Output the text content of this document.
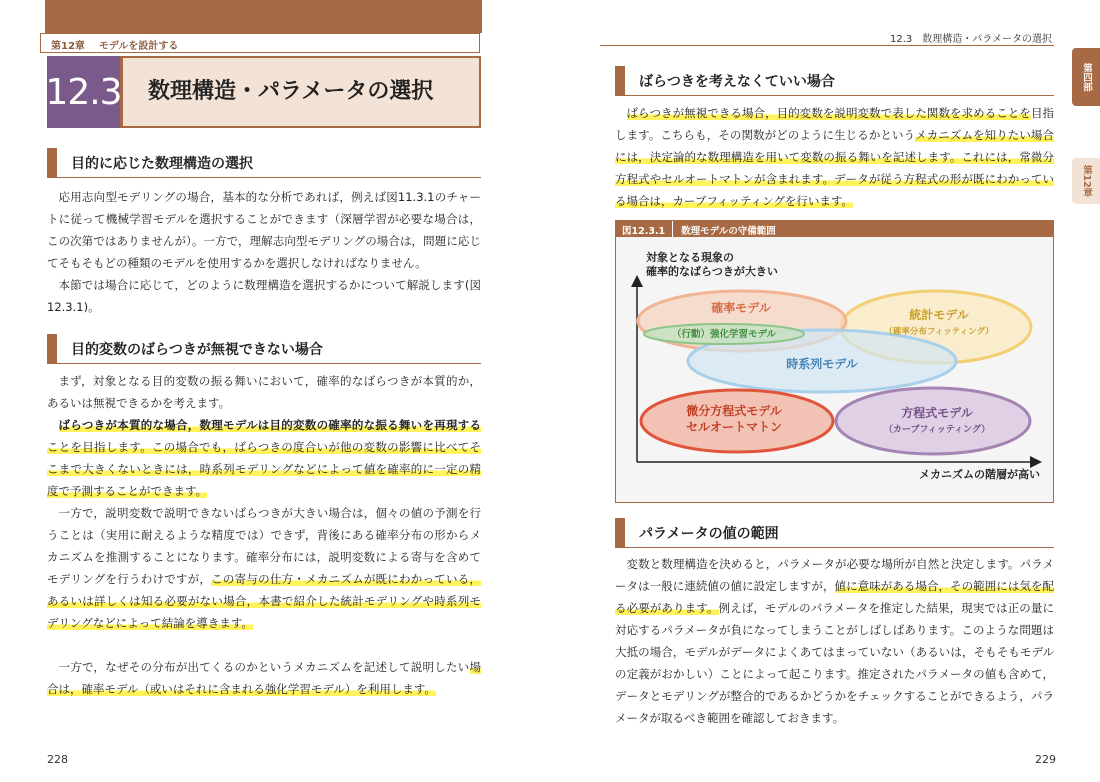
第12章 モデルを設計する
12.3 数理構造・パラメータの選択
目的に応じた数理構造の選択

応用志向型モデリングの場合，基本的な分析であれば，例えば図11.3.1のチャートに従って機械学習モデルを選択することができます（深層学習が必要な場合は，この次第ではありませんが）。一方で，理解志向型モデリングの場合は，問題に応じてそもそもどの種類のモデルを使用するかを選択しなければなりません。

本節では場合に応じて，どのように数理構造を選択するかについて解説します(図12.3.1)。

目的変数のばらつきが無視できない場合

まず，対象となる目的変数の振る舞いにおいて，確率的なばらつきが本質的か，あるいは無視できるかを考えます。

ばらつきが本質的な場合，数理モデルは目的変数の確率的な振る舞いを再現することを目指します。この場合でも，ばらつきの度合いが他の変数の影響に比べてそこまで大きくないときには，時系列モデリングなどによって値を確率的に一定の精度で予測することができます。

一方で，説明変数で説明できないばらつきが大きい場合は，個々の値の予測を行うことは（実用に耐えるような精度では）できず，背後にある確率分布の形からメカニズムを推測することになります。確率分布には，説明変数による寄与を含めてモデリングを行うわけですが，この寄与の仕方・メカニズムが既にわかっている，あるいは詳しくは知る必要がない場合，本書で紹介した統計モデリングや時系列モデリングなどによって結論を導きます。

一方で，なぜその分布が出てくるのかというメカニズムを記述して説明したい場合は，確率モデル（或いはそれに含まれる強化学習モデル）を利用します。

228
12.3　数理構造・パラメータの選択
第四部
第12章
ばらつきを考えなくていい場合

ばらつきが無視できる場合，目的変数を説明変数で表した関数を求めることを目指します。こちらも，その関数がどのように生じるかというメカニズムを知りたい場合には，決定論的な数理構造を用いて変数の振る舞いを記述します。これには，常微分方程式やセルオートマトンが含まれます。データが従う方程式の形が既にわかっている場合は，カーブフィッティングを行います。

図12.3.1 数理モデルの守備範囲
対象となる現象の
確率的なばらつきが大きい
メカニズムの階層が高い
確率モデル
（行動）強化学習モデル
統計モデル
（確率分布フィッティング）
時系列モデル
微分方程式モデル
セルオートマトン
方程式モデル
（カーブフィッティング）
パラメータの値の範囲

変数と数理構造を決めると，パラメータが必要な場所が自然と決定します。パラメータは一般に連続値の値に設定しますが，値に意味がある場合，その範囲には気を配る必要があります。例えば，モデルのパラメータを推定した結果，現実では正の量に対応するパラメータが負になってしまうことがしばしばあります。このような問題は大抵の場合，モデルがデータによくあてはまっていない（あるいは，そもそもモデルの定義がおかしい）ことによって起こります。推定されたパラメータの値も含めて，データとモデリングが整合的であるかどうかをチェックすることができるよう，パラメータが取るべき範囲を確認しておきます。

229
